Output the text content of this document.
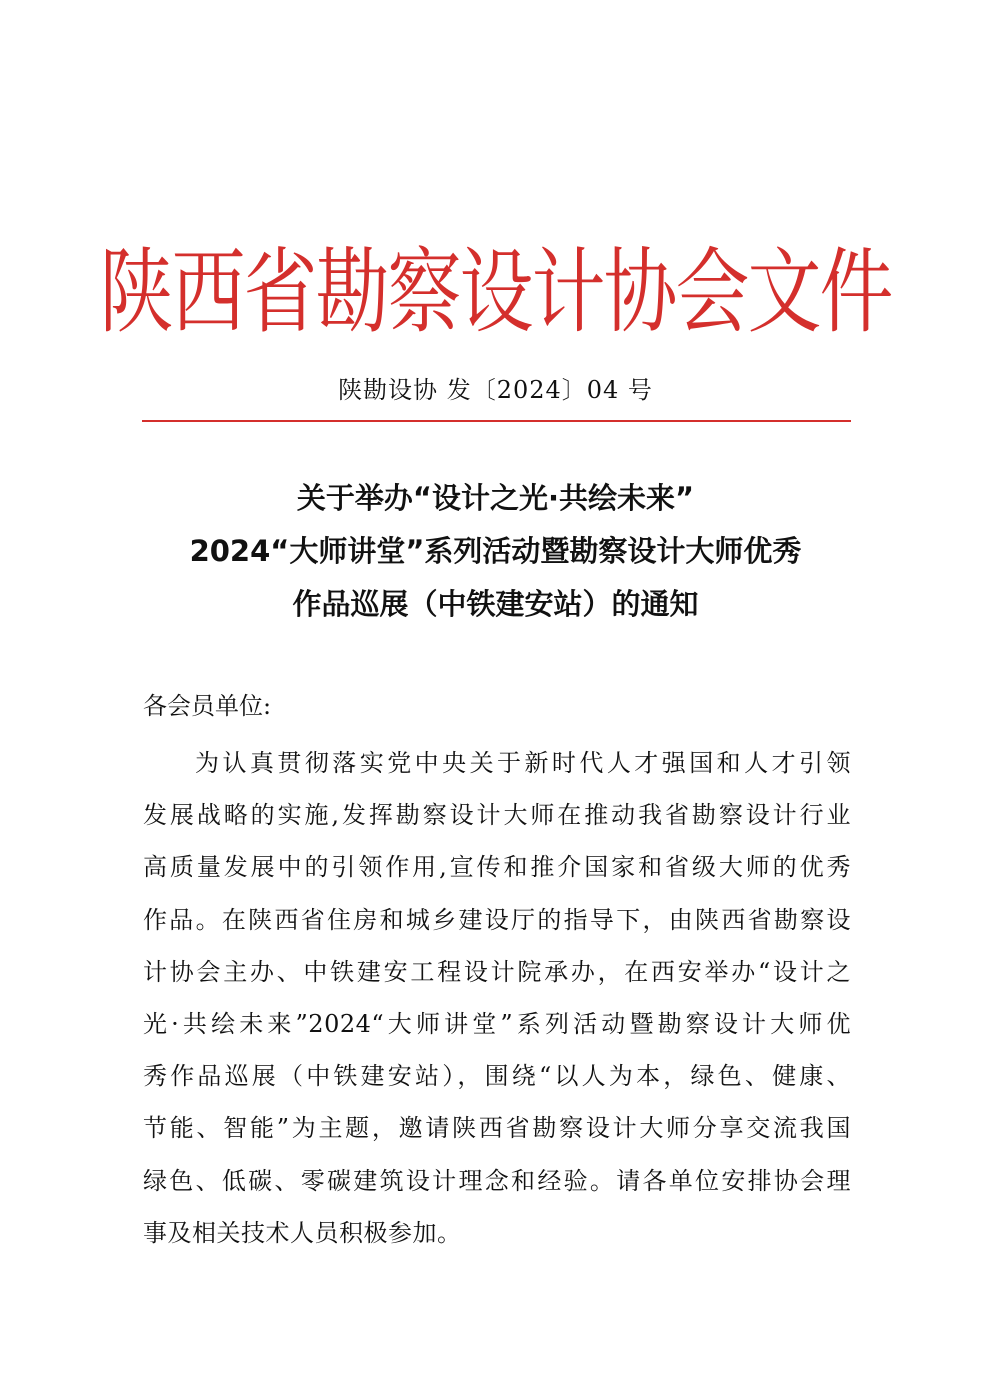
陕西省勘察设计协会文件
陕勘设协 发〔2024〕04 号
关于举办“设计之光·共绘未来”
2024“大师讲堂”系列活动暨勘察设计大师优秀
作品巡展（中铁建安站）的通知
各会员单位:
为认真贯彻落实党中央关于新时代人才强国和人才引领
发展战略的实施,发挥勘察设计大师在推动我省勘察设计行业
高质量发展中的引领作用,宣传和推介国家和省级大师的优秀
作品。在陕西省住房和城乡建设厅的指导下，由陕西省勘察设
计协会主办、中铁建安工程设计院承办，在西安举办“设计之
光·共绘未来”2024“大师讲堂”系列活动暨勘察设计大师优
秀作品巡展（中铁建安站），围绕“以人为本，绿色、健康、
节能、智能”为主题，邀请陕西省勘察设计大师分享交流我国
绿色、低碳、零碳建筑设计理念和经验。请各单位安排协会理
事及相关技术人员积极参加。
